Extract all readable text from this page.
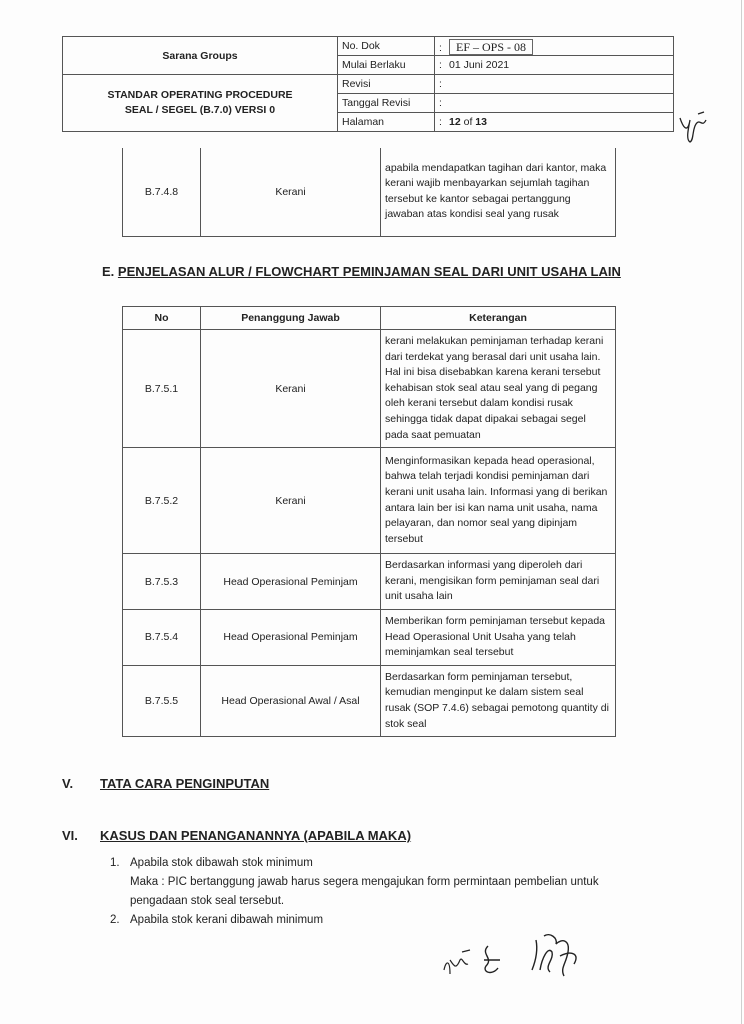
Sarana Groups	No. Dok	: EF – OPS - 08
	Mulai Berlaku	: 01 Juni 2021

STANDAR OPERATING PROCEDURE
SEAL / SEGEL (B.7.0) VERSI 0	Revisi	:
	Tanggal Revisi	:
	Halaman	: 12 of 13
B.7.4.8	Kerani	apabila mendapatkan tagihan dari kantor, maka kerani wajib menbayarkan sejumlah tagihan tersebut ke kantor sebagai pertanggung jawaban atas kondisi seal yang rusak
E. PENJELASAN ALUR / FLOWCHART PEMINJAMAN SEAL DARI UNIT USAHA LAIN
No	Penanggung Jawab	Keterangan
B.7.5.1	Kerani	kerani melakukan peminjaman terhadap kerani dari terdekat yang berasal dari unit usaha lain. Hal ini bisa disebabkan karena kerani tersebut kehabisan stok seal atau seal yang di pegang oleh kerani tersebut dalam kondisi rusak sehingga tidak dapat dipakai sebagai segel pada saat pemuatan
B.7.5.2	Kerani	Menginformasikan kepada head operasional, bahwa telah terjadi kondisi peminjaman dari kerani unit usaha lain. Informasi yang di berikan antara lain ber isi kan nama unit usaha, nama pelayaran, dan nomor seal yang dipinjam tersebut
B.7.5.3	Head Operasional Peminjam	Berdasarkan informasi yang diperoleh dari kerani, mengisikan form peminjaman seal dari unit usaha lain
B.7.5.4	Head Operasional Peminjam	Memberikan form peminjaman tersebut kepada Head Operasional Unit Usaha yang telah meminjamkan seal tersebut
B.7.5.5	Head Operasional Awal / Asal	Berdasarkan form peminjaman tersebut, kemudian menginput ke dalam sistem seal rusak (SOP 7.4.6) sebagai pemotong quantity di stok seal
V. TATA CARA PENGINPUTAN
VI. KASUS DAN PENANGANANNYA (APABILA MAKA)
1. Apabila stok dibawah stok minimum
Maka : PIC bertanggung jawab harus segera mengajukan form permintaan pembelian untuk
pengadaan stok seal tersebut.
2. Apabila stok kerani dibawah minimum
